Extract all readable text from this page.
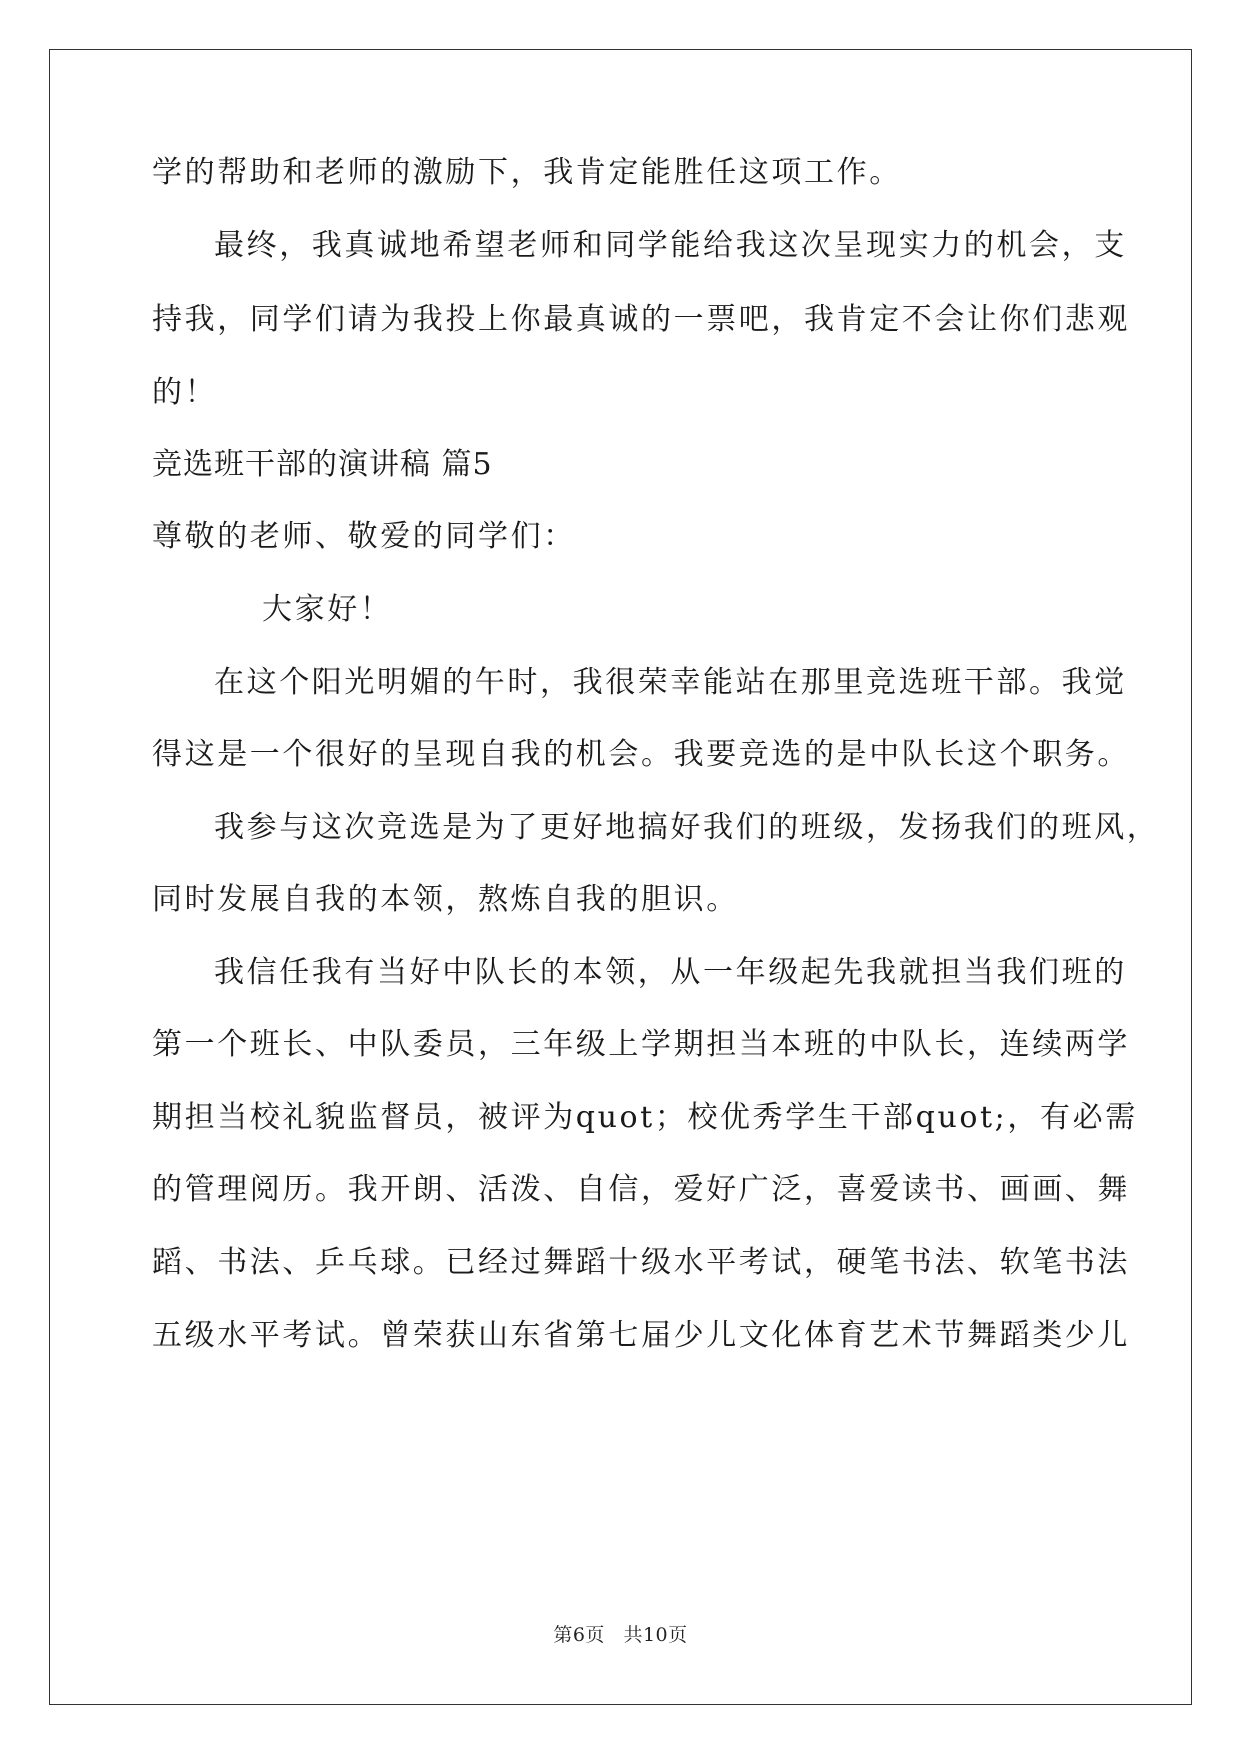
学的帮助和老师的激励下，我肯定能胜任这项工作。
最终，我真诚地希望老师和同学能给我这次呈现实力的机会，支
持我，同学们请为我投上你最真诚的一票吧，我肯定不会让你们悲观
的！
竞选班干部的演讲稿 篇5
尊敬的老师、敬爱的同学们：
大家好！
在这个阳光明媚的午时，我很荣幸能站在那里竞选班干部。我觉
得这是一个很好的呈现自我的机会。我要竞选的是中队长这个职务。
我参与这次竞选是为了更好地搞好我们的班级，发扬我们的班风，
同时发展自我的本领，熬炼自我的胆识。
我信任我有当好中队长的本领，从一年级起先我就担当我们班的
第一个班长、中队委员，三年级上学期担当本班的中队长，连续两学
期担当校礼貌监督员，被评为quot；校优秀学生干部quot;，有必需
的管理阅历。我开朗、活泼、自信，爱好广泛，喜爱读书、画画、舞
蹈、书法、乒乓球。已经过舞蹈十级水平考试，硬笔书法、软笔书法
五级水平考试。曾荣获山东省第七届少儿文化体育艺术节舞蹈类少儿
第6页 共10页
